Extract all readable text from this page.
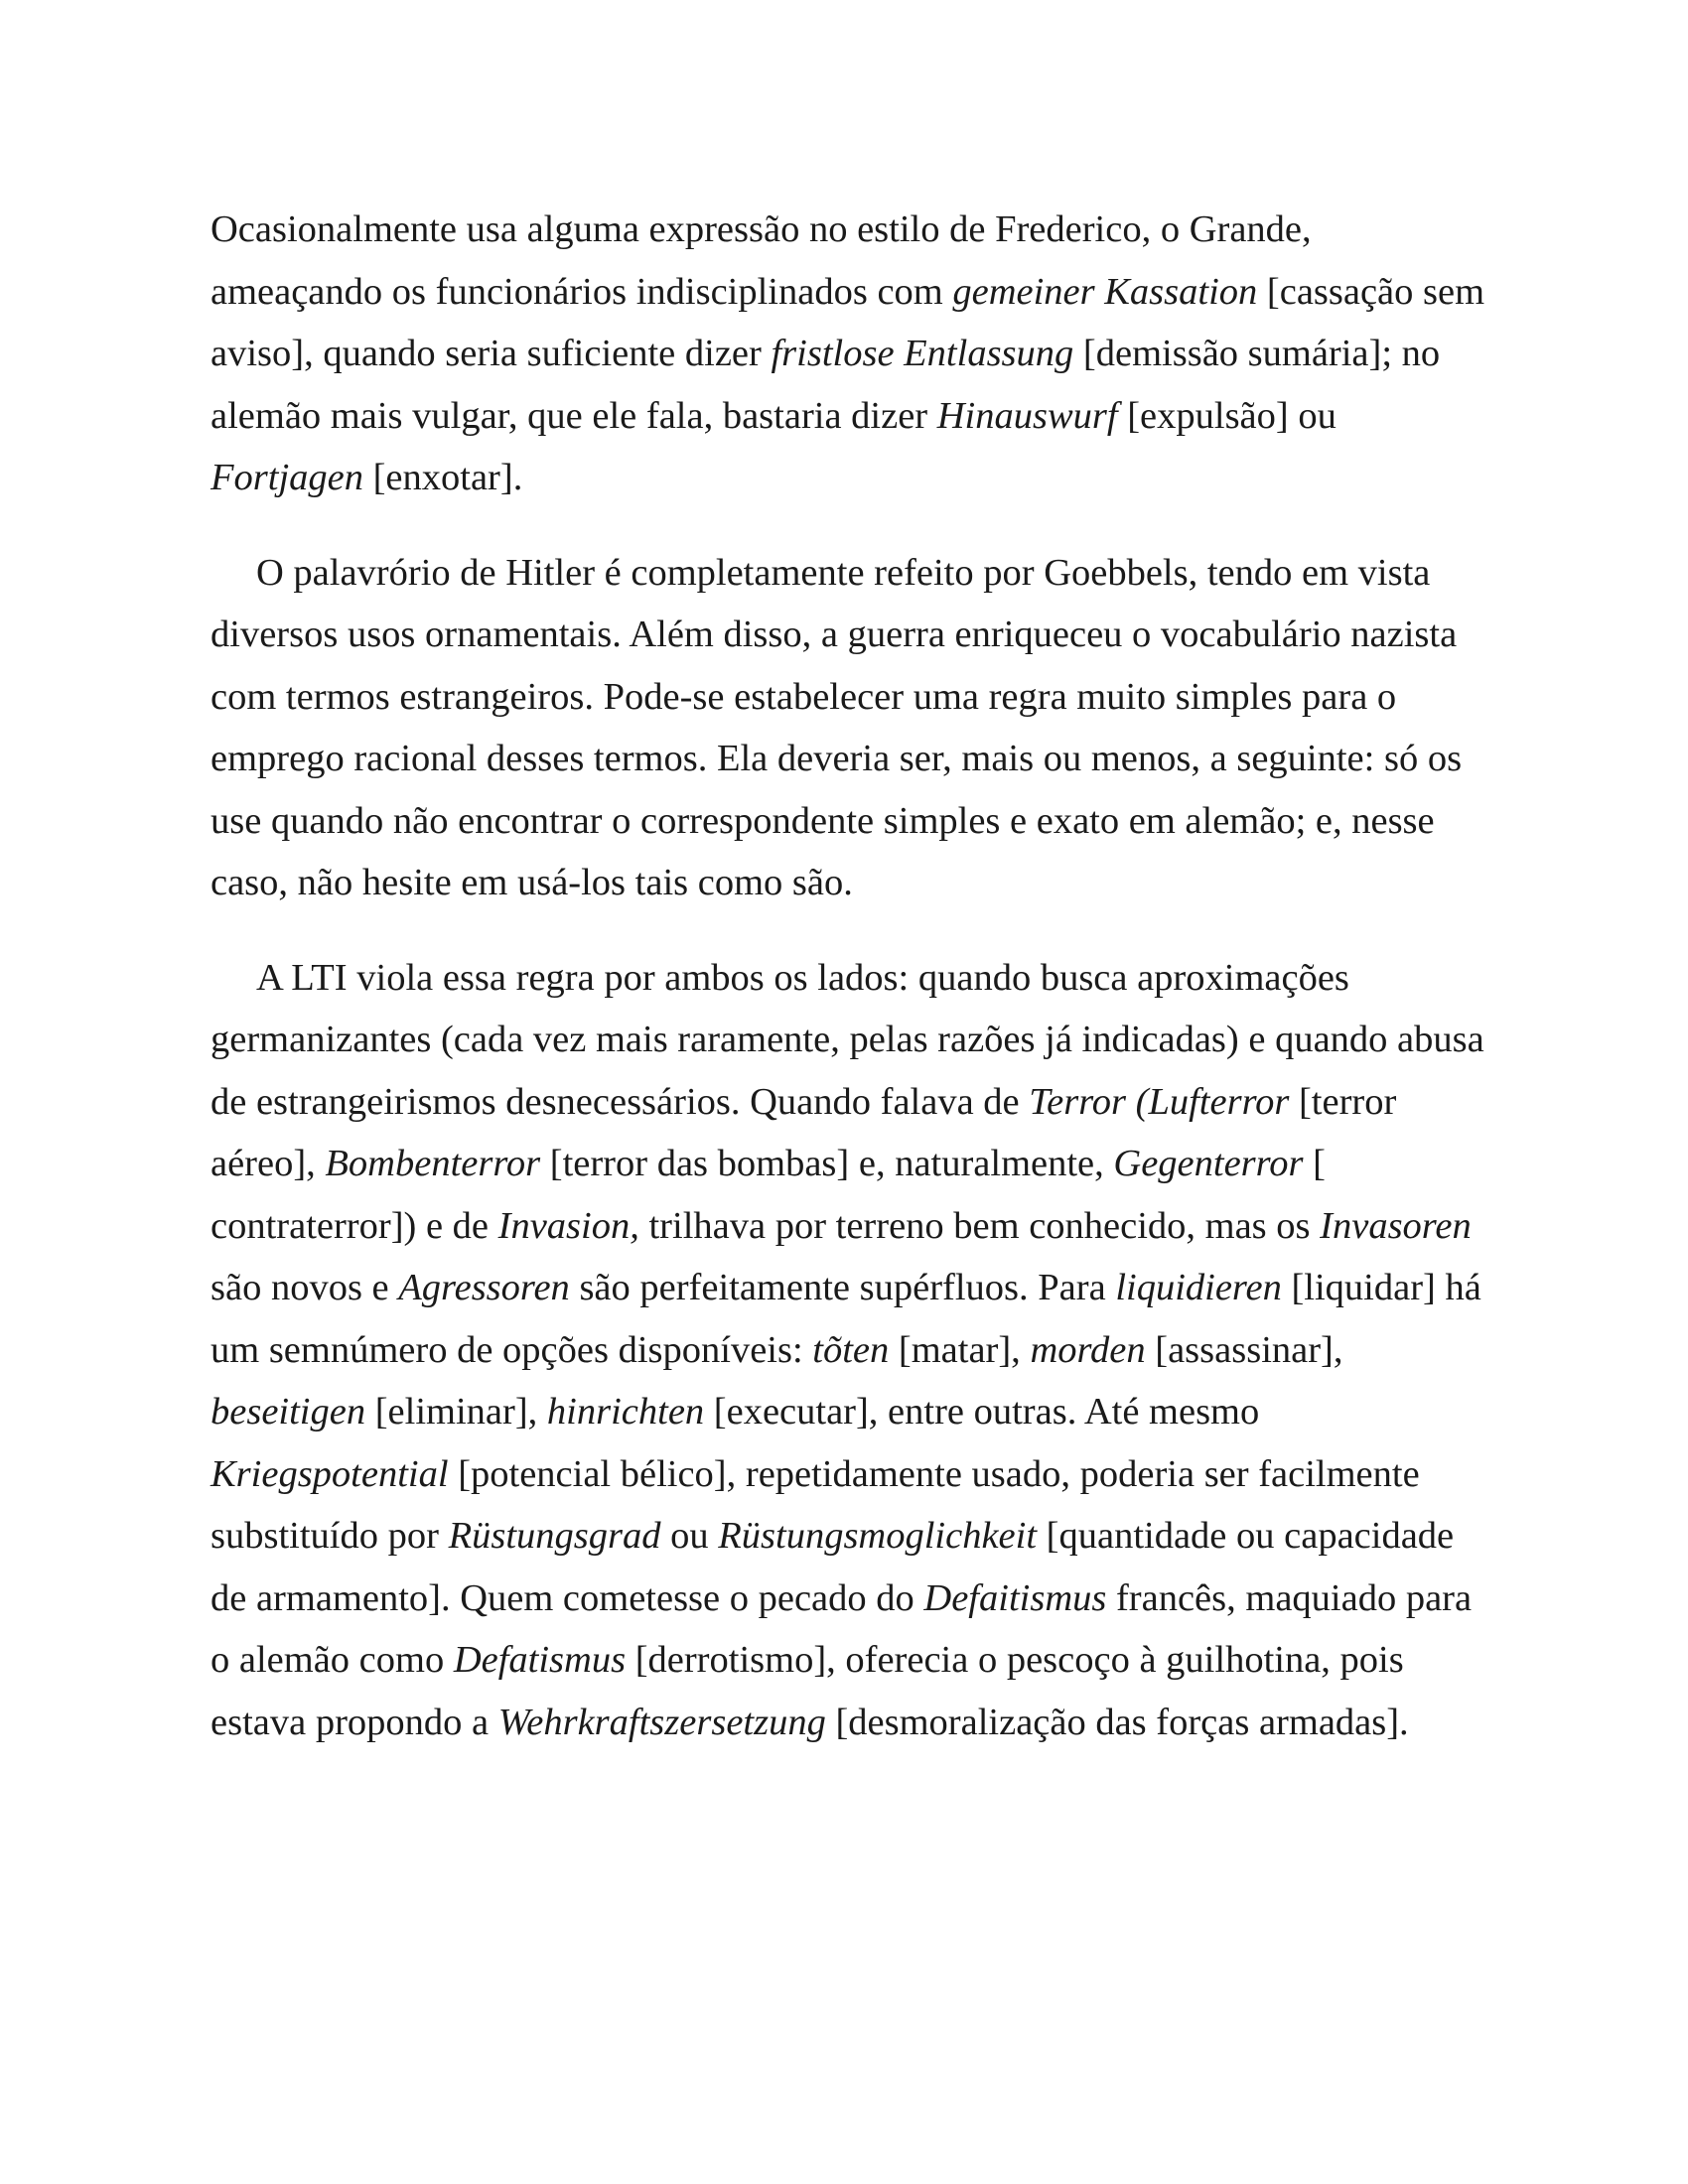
Ocasionalmente usa alguma expressão no estilo de Frederico, o Grande, ameaçando os funcionários indisciplinados com gemeiner Kassation [cassação sem aviso], quando seria suficiente dizer fristlose Entlassung [demissão sumária]; no alemão mais vulgar, que ele fala, bastaria dizer Hinauswurf [expulsão] ou Fortjagen [enxotar].

O palavrório de Hitler é completamente refeito por Goebbels, tendo em vista diversos usos ornamentais. Além disso, a guerra enriqueceu o vocabulário nazista com termos estrangeiros. Pode-se estabelecer uma regra muito simples para o emprego racional desses termos. Ela deveria ser, mais ou menos, a seguinte: só os use quando não encontrar o correspondente simples e exato em alemão; e, nesse caso, não hesite em usá-los tais como são.

A LTI viola essa regra por ambos os lados: quando busca aproximações germanizantes (cada vez mais raramente, pelas razões já indicadas) e quando abusa de estrangeirismos desnecessários. Quando falava de Terror (Lufterror [terror aéreo], Bombenterror [terror das bombas] e, naturalmente, Gegenterror [ contraterror]) e de Invasion, trilhava por terreno bem conhecido, mas os Invasoren são novos e Agressoren são perfeitamente supérfluos. Para liquidieren [liquidar] há um semnúmero de opções disponíveis: tõten [matar], morden [assassinar], beseitigen [eliminar], hinrichten [executar], entre outras. Até mesmo Kriegspotential [potencial bélico], repetidamente usado, poderia ser facilmente substituído por Rüstungsgrad ou Rüstungsmoglichkeit [quantidade ou capacidade de armamento]. Quem cometesse o pecado do Defaitismus francês, maquiado para o alemão como Defatismus [derrotismo], oferecia o pescoço à guilhotina, pois estava propondo a Wehrkraftszersetzung [desmoralização das forças armadas].
